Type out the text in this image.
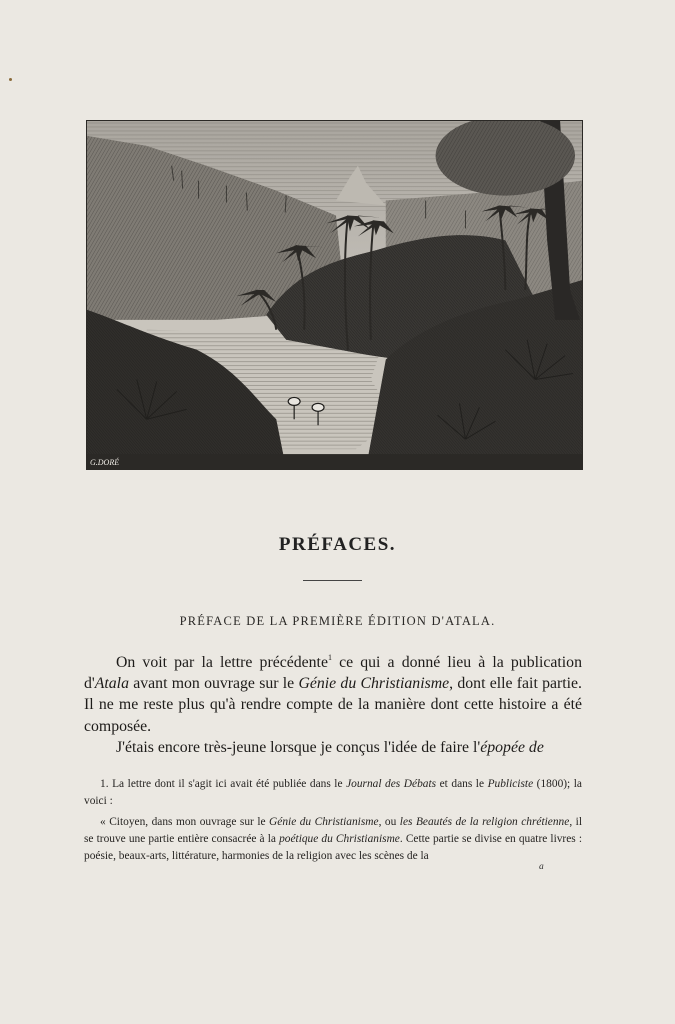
G.DORÉ
PRÉFACES.
PRÉFACE DE LA PREMIÈRE ÉDITION D'ATALA.

On voit par la lettre précédente$^1$ ce qui a donné lieu à la publication d'Atala avant mon ouvrage sur le Génie du Christianisme, dont elle fait partie. Il ne me reste plus qu'à rendre compte de la manière dont cette histoire a été composée.

J'étais encore très-jeune lorsque je conçus l'idée de faire l'épopée de

1. La lettre dont il s'agit ici avait été publiée dans le Journal des Débats et dans le Publiciste (1800); la voici :

« Citoyen, dans mon ouvrage sur le Génie du Christianisme, ou les Beautés de la religion chrétienne, il se trouve une partie entière consacrée à la poétique du Christianisme. Cette partie se divise en quatre livres : poésie, beaux-arts, littérature, harmonies de la religion avec les scènes de la

a
